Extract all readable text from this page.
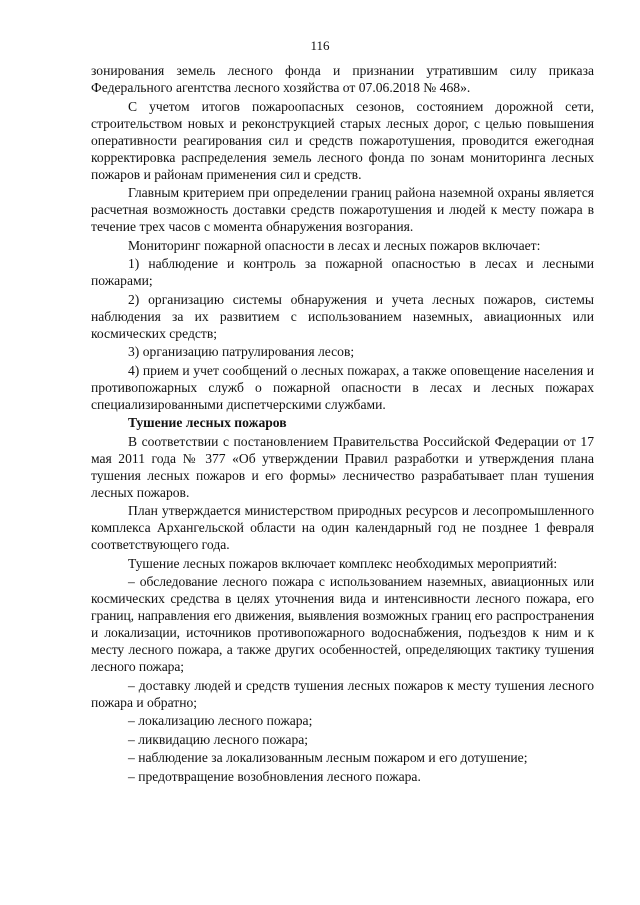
116

зонирования земель лесного фонда и признании утратившим силу приказа Федерального агентства лесного хозяйства от 07.06.2018 № 468».

С учетом итогов пожароопасных сезонов, состоянием дорожной сети, строительством новых и реконструкцией старых лесных дорог, с целью повышения оперативности реагирования сил и средств пожаротушения, проводится ежегодная корректировка распределения земель лесного фонда по зонам мониторинга лесных пожаров и районам применения сил и средств.

Главным критерием при определении границ района наземной охраны является расчетная возможность доставки средств пожаротушения и людей к месту пожара в течение трех часов с момента обнаружения возгорания.

Мониторинг пожарной опасности в лесах и лесных пожаров включает:

1) наблюдение и контроль за пожарной опасностью в лесах и лесными пожарами;

2) организацию системы обнаружения и учета лесных пожаров, системы наблюдения за их развитием с использованием наземных, авиационных или космических средств;

3) организацию патрулирования лесов;

4) прием и учет сообщений о лесных пожарах, а также оповещение населения и противопожарных служб о пожарной опасности в лесах и лесных пожарах специализированными диспетчерскими службами.

Тушение лесных пожаров

В соответствии с постановлением Правительства Российской Федерации от 17 мая 2011 года № 377 «Об утверждении Правил разработки и утверждения плана тушения лесных пожаров и его формы» лесничество разрабатывает план тушения лесных пожаров.

План утверждается министерством природных ресурсов и лесопромышленного комплекса Архангельской области на один календарный год не позднее 1 февраля соответствующего года.

Тушение лесных пожаров включает комплекс необходимых мероприятий:

– обследование лесного пожара с использованием наземных, авиационных или космических средства в целях уточнения вида и интенсивности лесного пожара, его границ, направления его движения, выявления возможных границ его распространения и локализации, источников противопожарного водоснабжения, подъездов к ним и к месту лесного пожара, а также других особенностей, определяющих тактику тушения лесного пожара;

– доставку людей и средств тушения лесных пожаров к месту тушения лесного пожара и обратно;

– локализацию лесного пожара;

– ликвидацию лесного пожара;

– наблюдение за локализованным лесным пожаром и его дотушение;

– предотвращение возобновления лесного пожара.
